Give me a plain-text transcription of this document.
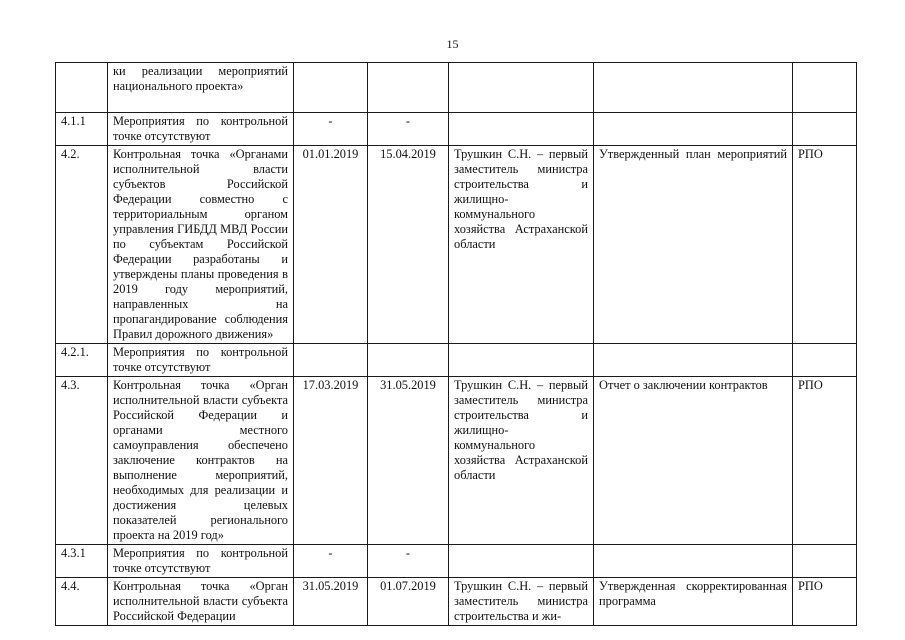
15
	ки реализации мероприятий национального проекта»					
4.1.1	Мероприятия по контрольной точке отсутствуют	-	-			
4.2.	Контрольная точка «Органами исполнительной власти субъектов Российской Федерации совместно с территориальным органом управления ГИБДД МВД России по субъектам Российской Федерации разработаны и утверждены планы проведения в 2019 году мероприятий, направленных на пропагандирование соблюдения Правил дорожного движения»	01.01.2019	15.04.2019	Трушкин С.Н. – первый заместитель министра строительства и жилищно-коммунального хозяйства Астраханской области	Утвержденный план мероприятий	РПО
4.2.1.	Мероприятия по контрольной точке отсутствуют					
4.3.	Контрольная точка «Орган исполнительной власти субъекта Российской Федерации и органами местного самоуправления обеспечено заключение контрактов на выполнение мероприятий, необходимых для реализации и достижения целевых показателей регионального проекта на 2019 год»	17.03.2019	31.05.2019	Трушкин С.Н. – первый заместитель министра строительства и жилищно-коммунального хозяйства Астраханской области	Отчет о заключении контрактов	РПО
4.3.1	Мероприятия по контрольной точке отсутствуют	-	-			
4.4.	Контрольная точка «Орган исполнительной власти субъекта Российской Федерации	31.05.2019	01.07.2019	Трушкин С.Н. – первый заместитель министра строительства и жи-	Утвержденная скорректированная программа	РПО
